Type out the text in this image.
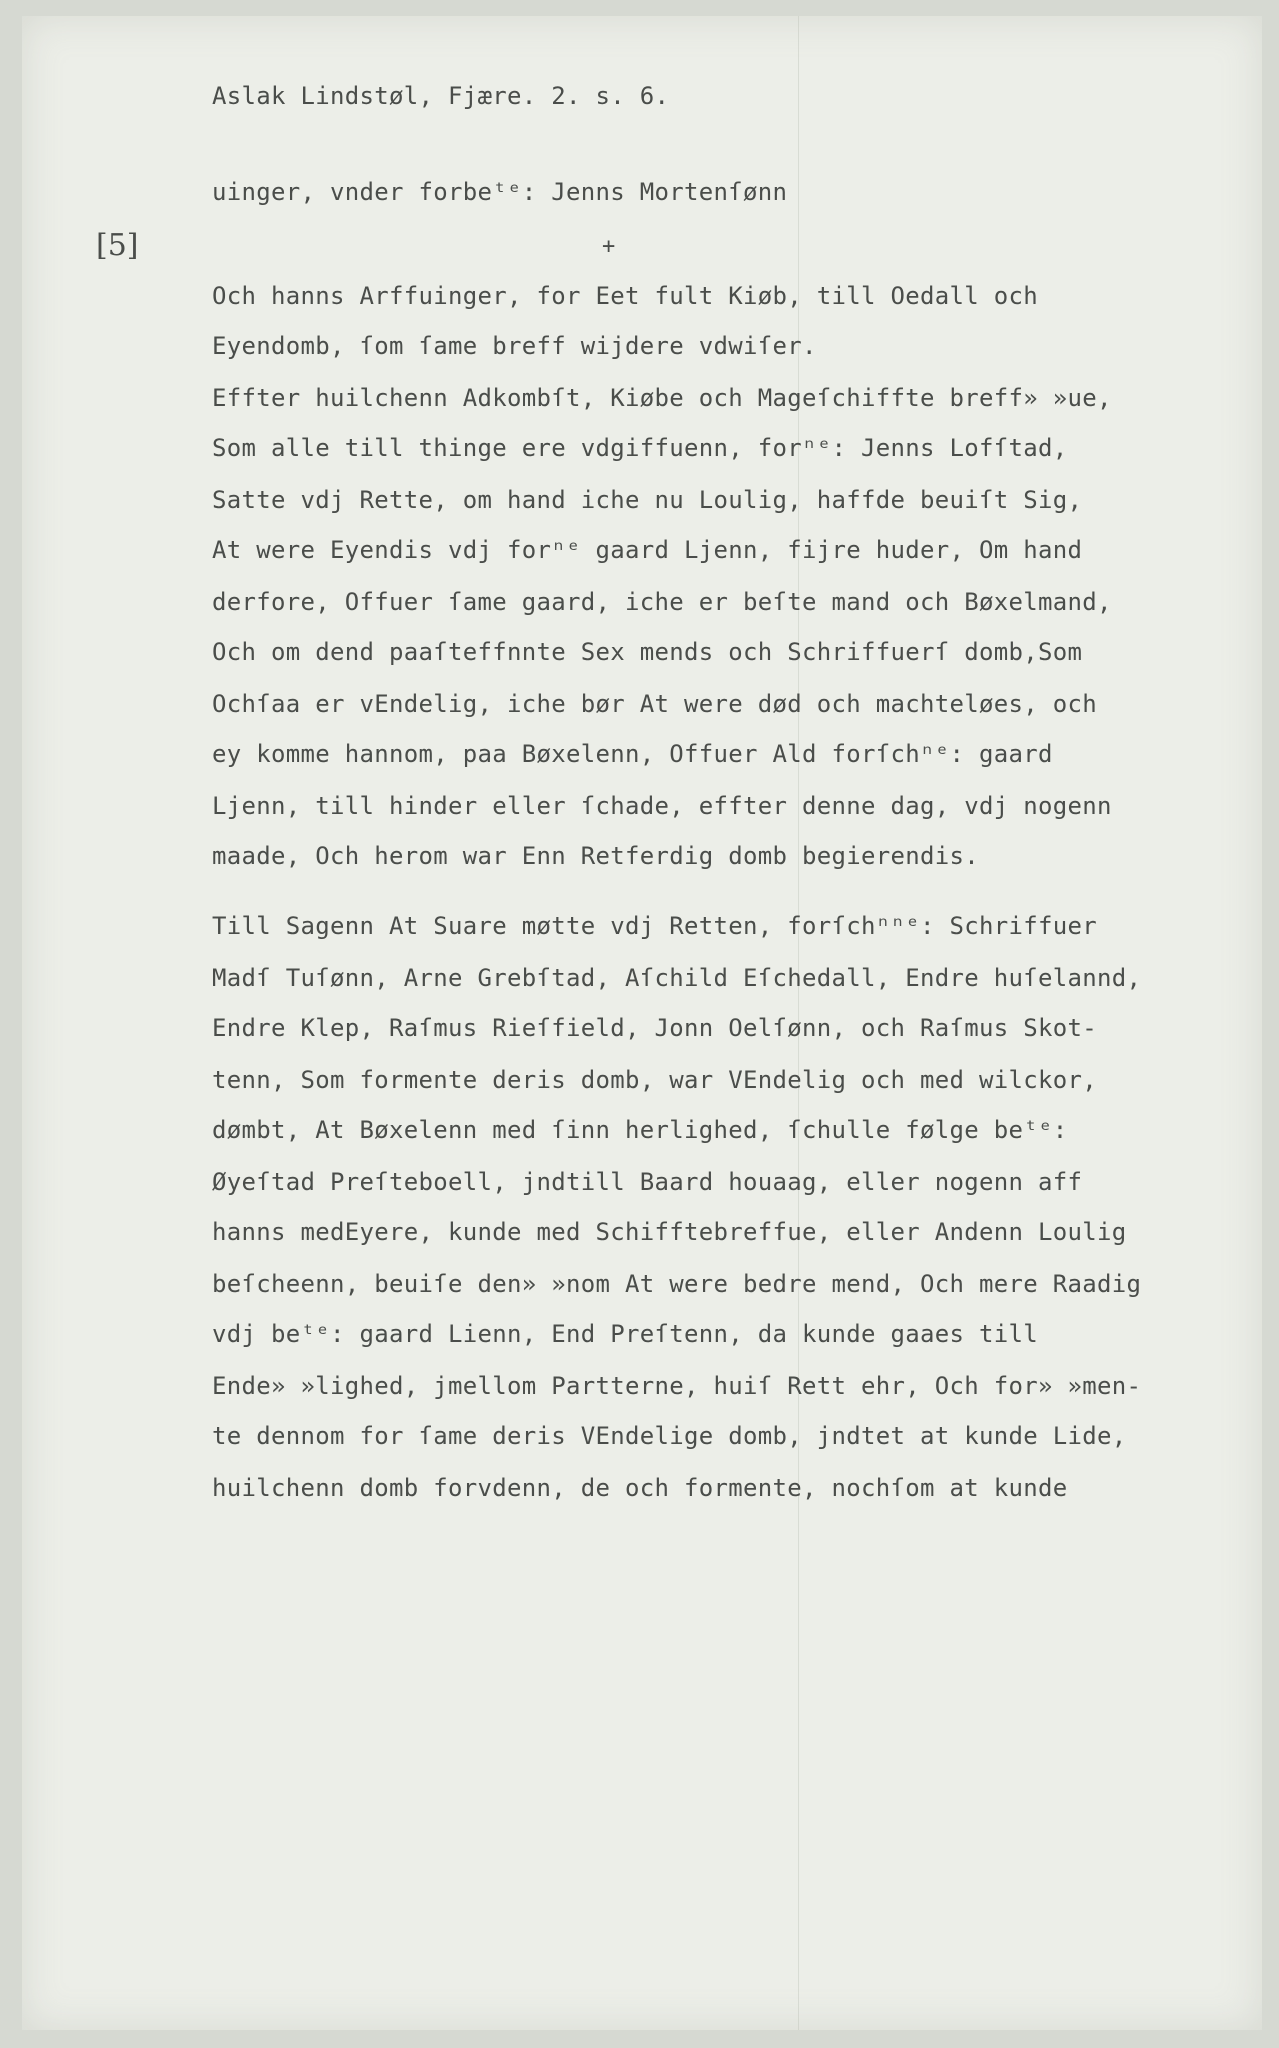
Aslak Lindstøl, Fjære. 2. s. 6.
[5]	+
uinger, vnder forbeᵗᵉ: Jenns Mortenſønn
Och hanns Arffuinger, for Eet fult Kiøb, till Oedall och
Eyendomb, ſom ſame breff wijdere vdwiſer.
Effter huilchenn Adkombſt, Kiøbe och Mageſchiffte breff» »ue,
Som alle till thinge ere vdgiffuenn, forⁿᵉ: Jenns Lofſtad,
Satte vdj Rette, om hand iche nu Loulig, haffde beuiſt Sig,
At were Eyendis vdj forⁿᵉ gaard Ljenn, fijre huder, Om hand
derfore, Offuer ſame gaard, iche er beſte mand och Bøxelmand,
Och om dend paaſteffnnte Sex mends och Schriffuerſ domb,Som
Ochſaa er vEndelig, iche bør At were død och machteløes, och
ey komme hannom, paa Bøxelenn, Offuer Ald forſchⁿᵉ: gaard
Ljenn, till hinder eller ſchade, effter denne dag, vdj nogenn
maade, Och herom war Enn Retferdig domb begierendis.
Till Sagenn At Suare møtte vdj Retten, forſchⁿⁿᵉ: Schriffuer
Madſ Tuſønn, Arne Grebſtad, Aſchild Eſchedall, Endre huſelannd,
Endre Klep, Raſmus Rieſfield, Jonn Oelſønn, och Raſmus Skot-
tenn, Som formente deris domb, war VEndelig och med wilckor,
dømbt, At Bøxelenn med ſinn herlighed, ſchulle følge beᵗᵉ:
Øyeſtad Preſteboell, jndtill Baard houaag, eller nogenn aff
hanns medEyere, kunde med Schifftebreffue, eller Andenn Loulig
beſcheenn, beuiſe den» »nom At were bedre mend, Och mere Raadig
vdj beᵗᵉ: gaard Lienn, End Preſtenn, da kunde gaaes till
Ende» »lighed, jmellom Partterne, huiſ Rett ehr, Och for» »men-
te dennom for ſame deris VEndelige domb, jndtet at kunde Lide,
huilchenn domb forvdenn, de och formente, nochſom at kunde
